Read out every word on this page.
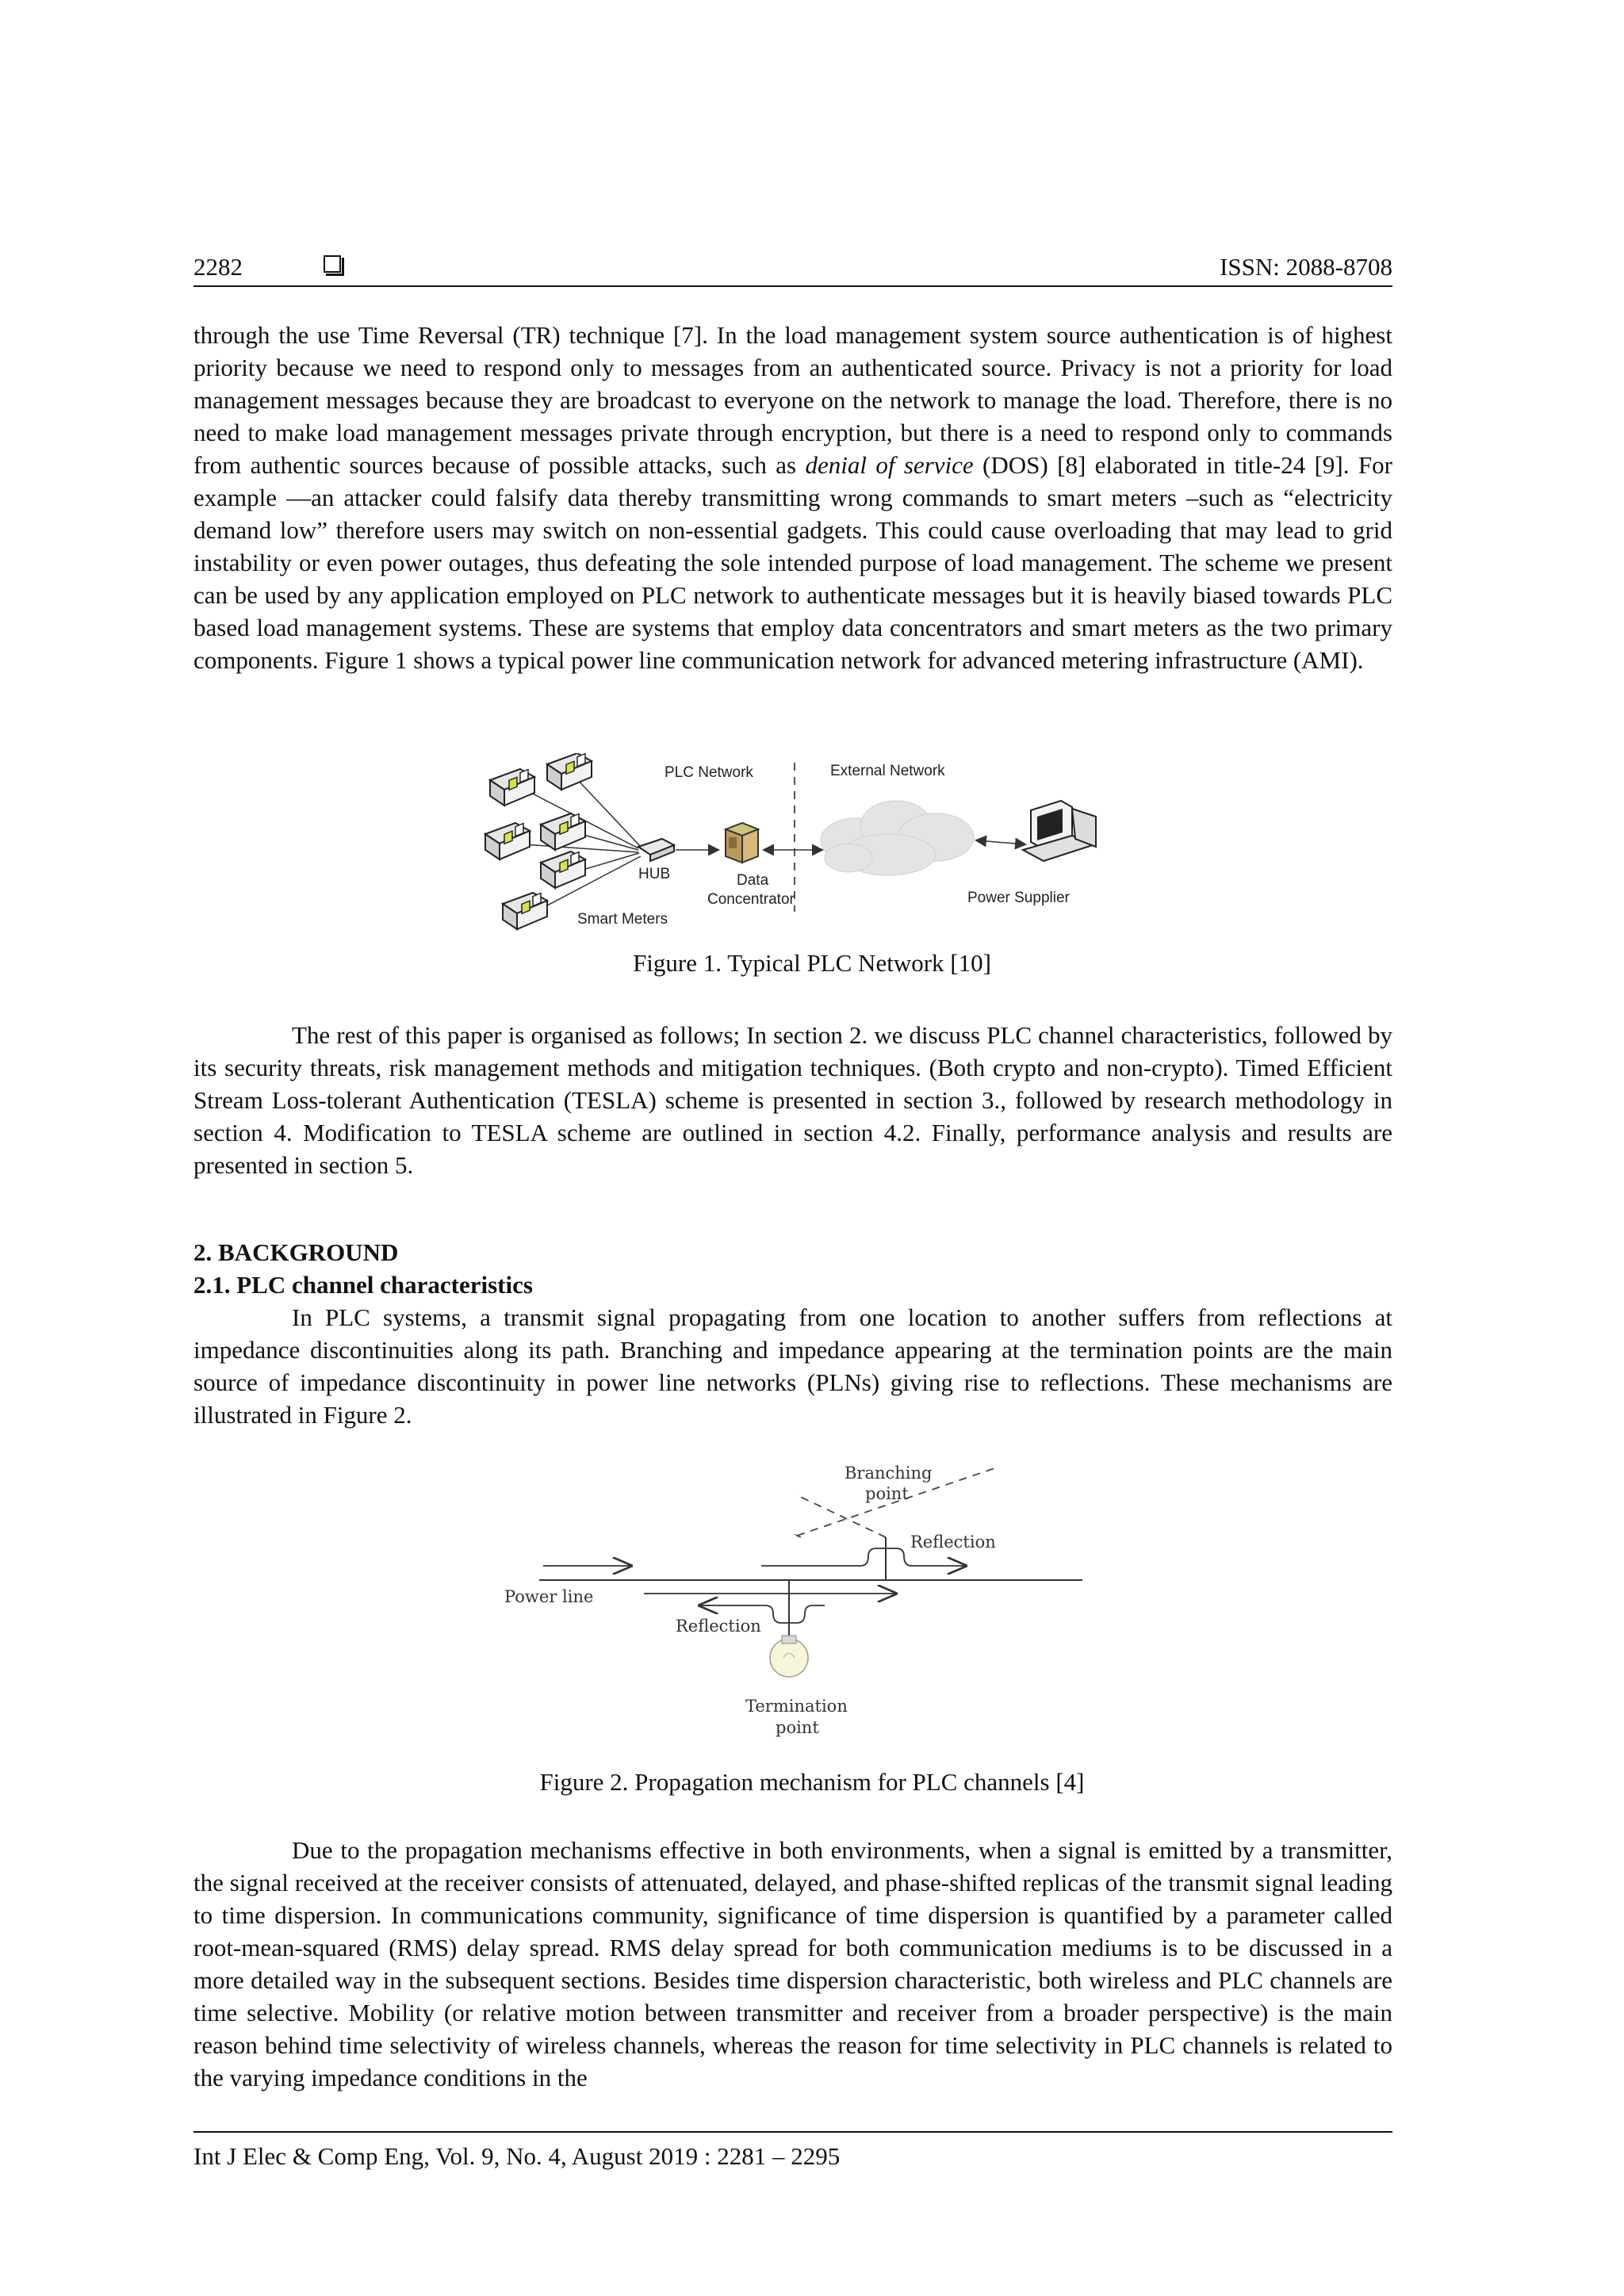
2282	ISSN: 2088-8708

through the use Time Reversal (TR) technique [7]. In the load management system source authentication is of highest priority because we need to respond only to messages from an authenticated source. Privacy is not a priority for load management messages because they are broadcast to everyone on the network to manage the load. Therefore, there is no need to make load management messages private through encryption, but there is a need to respond only to commands from authentic sources because of possible attacks, such as denial of service (DOS) [8] elaborated in title-24 [9]. For example —an attacker could falsify data thereby transmitting wrong commands to smart meters –such as “electricity demand low” therefore users may switch on non-essential gadgets. This could cause overloading that may lead to grid instability or even power outages, thus defeating the sole intended purpose of load management. The scheme we present can be used by any application employed on PLC network to authenticate messages but it is heavily biased towards PLC based load management systems. These are systems that employ data concentrators and smart meters as the two primary components. Figure 1 shows a typical power line communication network for advanced metering infrastructure (AMI).

PLC Network	External Network
HUB	Data
Concentrator
Smart Meters
Power Supplier
Figure 1. Typical PLC Network [10]
The rest of this paper is organised as follows; In section 2. we discuss PLC channel characteristics, followed by its security threats, risk management methods and mitigation techniques. (Both crypto and non-crypto). Timed Efficient Stream Loss-tolerant Authentication (TESLA) scheme is presented in section 3., followed by research methodology in section 4. Modification to TESLA scheme are outlined in section 4.2. Finally, performance analysis and results are presented in section 5.
2. BACKGROUND
2.1. PLC channel characteristics
In PLC systems, a transmit signal propagating from one location to another suffers from reflections at impedance discontinuities along its path. Branching and impedance appearing at the termination points are the main source of impedance discontinuity in power line networks (PLNs) giving rise to reflections. These mechanisms are illustrated in Figure 2.
Branching
point
Reflection
Power line
Reflection
Termination
point
Figure 2. Propagation mechanism for PLC channels [4]
Due to the propagation mechanisms effective in both environments, when a signal is emitted by a transmitter, the signal received at the receiver consists of attenuated, delayed, and phase-shifted replicas of the transmit signal leading to time dispersion. In communications community, significance of time dispersion is quantified by a parameter called root-mean-squared (RMS) delay spread. RMS delay spread for both communication mediums is to be discussed in a more detailed way in the subsequent sections. Besides time dispersion characteristic, both wireless and PLC channels are time selective. Mobility (or relative motion between transmitter and receiver from a broader perspective) is the main reason behind time selectivity of wireless channels, whereas the reason for time selectivity in PLC channels is related to the varying impedance conditions in the
Int J Elec & Comp Eng, Vol. 9, No. 4, August 2019 : 2281 – 2295
